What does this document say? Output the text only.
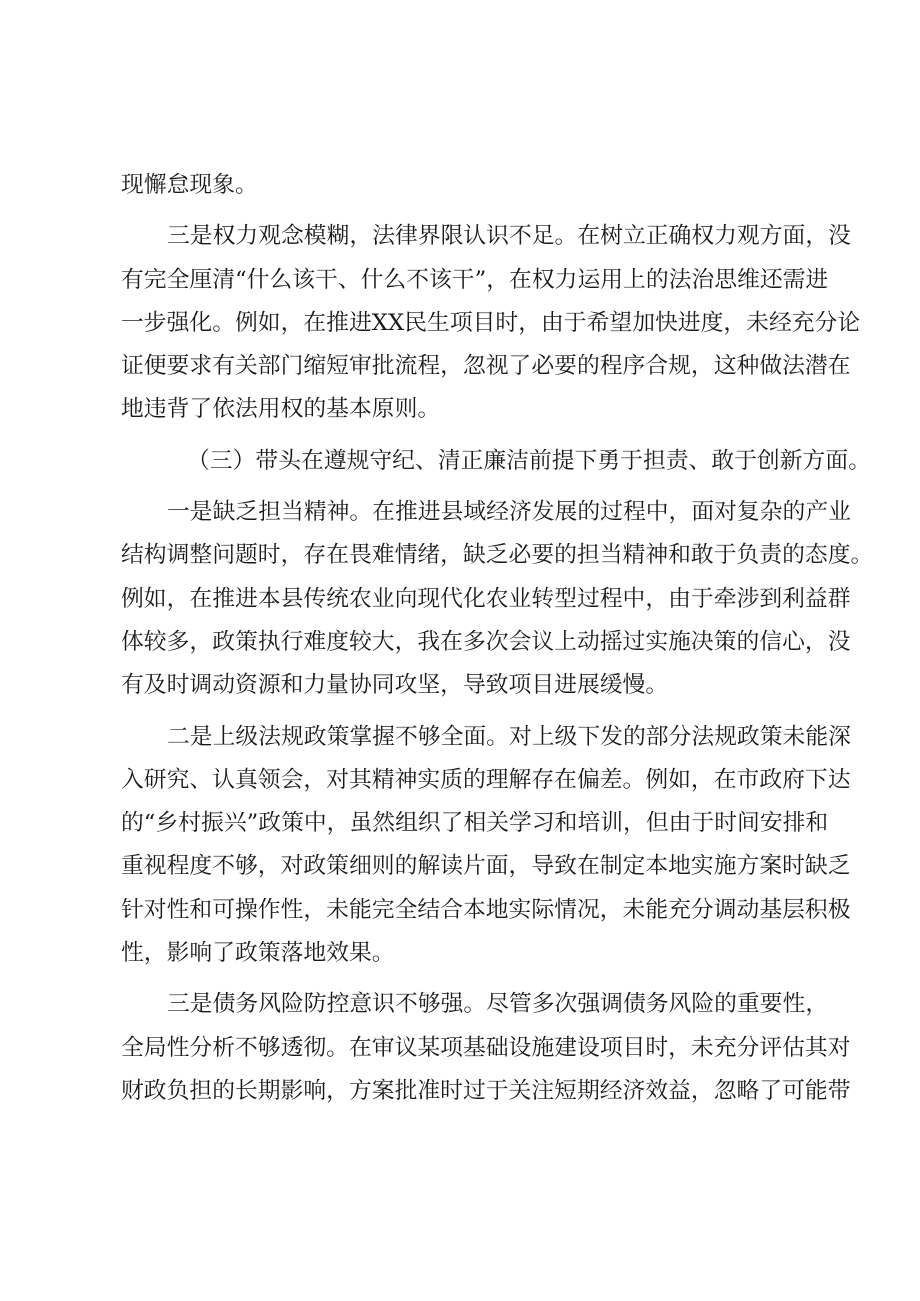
现懈怠现象。
三是权力观念模糊，法律界限认识不足。在树立正确权力观方面，没
有完全厘清“什么该干、什么不该干”，在权力运用上的法治思维还需进
一步强化。例如，在推进XX民生项目时，由于希望加快进度，未经充分论
证便要求有关部门缩短审批流程，忽视了必要的程序合规，这种做法潜在
地违背了依法用权的基本原则。
（三）带头在遵规守纪、清正廉洁前提下勇于担责、敢于创新方面。
一是缺乏担当精神。在推进县域经济发展的过程中，面对复杂的产业
结构调整问题时，存在畏难情绪，缺乏必要的担当精神和敢于负责的态度。
例如，在推进本县传统农业向现代化农业转型过程中，由于牵涉到利益群
体较多，政策执行难度较大，我在多次会议上动摇过实施决策的信心，没
有及时调动资源和力量协同攻坚，导致项目进展缓慢。
二是上级法规政策掌握不够全面。对上级下发的部分法规政策未能深
入研究、认真领会，对其精神实质的理解存在偏差。例如，在市政府下达
的“乡村振兴”政策中，虽然组织了相关学习和培训，但由于时间安排和
重视程度不够，对政策细则的解读片面，导致在制定本地实施方案时缺乏
针对性和可操作性，未能完全结合本地实际情况，未能充分调动基层积极
性，影响了政策落地效果。
三是债务风险防控意识不够强。尽管多次强调债务风险的重要性，
全局性分析不够透彻。在审议某项基础设施建设项目时，未充分评估其对
财政负担的长期影响，方案批准时过于关注短期经济效益，忽略了可能带
